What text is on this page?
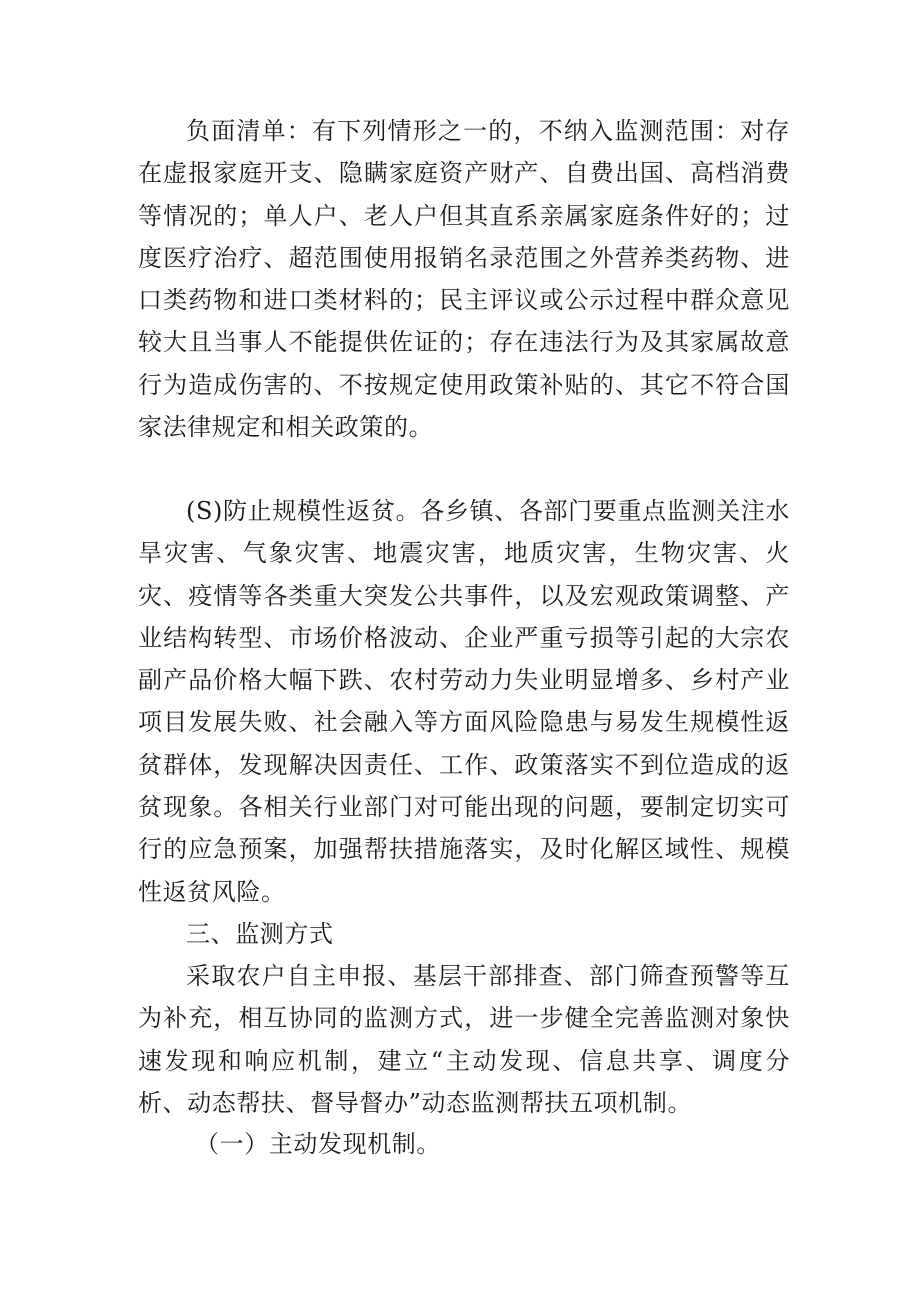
负面清单：有下列情形之一的，不纳入监测范围：对存在虚报家庭开支、隐瞒家庭资产财产、自费出国、高档消费等情况的；单人户、老人户但其直系亲属家庭条件好的；过度医疗治疗、超范围使用报销名录范围之外营养类药物、进口类药物和进口类材料的；民主评议或公示过程中群众意见较大且当事人不能提供佐证的；存在违法行为及其家属故意行为造成伤害的、不按规定使用政策补贴的、其它不符合国家法律规定和相关政策的。

(S)防止规模性返贫。各乡镇、各部门要重点监测关注水旱灾害、气象灾害、地震灾害，地质灾害，生物灾害、火灾、疫情等各类重大突发公共事件，以及宏观政策调整、产业结构转型、市场价格波动、企业严重亏损等引起的大宗农副产品价格大幅下跌、农村劳动力失业明显增多、乡村产业项目发展失败、社会融入等方面风险隐患与易发生规模性返贫群体，发现解决因责任、工作、政策落实不到位造成的返贫现象。各相关行业部门对可能出现的问题，要制定切实可行的应急预案，加强帮扶措施落实，及时化解区域性、规模性返贫风险。

三、监测方式

采取农户自主申报、基层干部排查、部门筛查预警等互为补充，相互协同的监测方式，进一步健全完善监测对象快速发现和响应机制，建立“主动发现、信息共享、调度分析、动态帮扶、督导督办”动态监测帮扶五项机制。

（一）主动发现机制。
